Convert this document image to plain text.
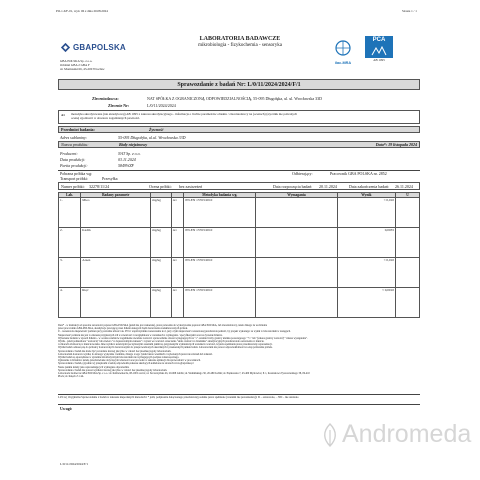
PO-1-6/F-01, wyd. 06 z dnia 20.08.2024	Strona 1 / 1
GBAPOLSKA
GBA POLSKA Sp. z o.o.
Oddział GBA 2 GBA F
ul. Moniuszki 66, 43-200 Wrocław
LABORATORIA BADAWCZE
mikrobiologia - fizykochemia - sensoryka
ilac-MRA
PCA
AB 1095
Sprawozdanie z badań Nr: L/0/11/2024/2024/F/1
Zleceniodawca:	NAT SPÓŁKA Z OGRANICZONĄ ODPOWIEDZIALNOŚCIĄ, 55-095 Długołęka, ul. ul. Wrocławska 33D
Zlecenie Nr:	L/0/11/2024/2024
A1 metodyka akredytowana (nie akredytowaj) AB 1095 z zakresu akredytacyjnego - informacja o liczbie parametrów obiektu / zleceniodawcy na (ocenach) (stycznik nie pobranych
ocenej zgodności w obszarze zagadnianych pewności.
Przedmiot badania:	Żywność
Adres sublaniny:	55-095 Długołęka, ul.ul. Wrocławska 33D
Nazwa produktu:	Biały niejzimowy	Data*: 19 listopada 2024
Producent:	NAT Sp. z o.o.
Data produkcji:	03.11.2024
Partia produkcji:	5849WZF
Pobrana próbka wg:	Odbierający:	Pracownik GBA POLSKA nr. 2852
Transport próbki:	Przesyłka
Numer próbki: 32278/11/24	Ocena próbki: bez zastrzeżeń	Data rozpoczęcia badań: 20.11.2024	Data zakończenia badań: 26.11.2024
Lab.	Badany parametr			Metodyka badania wg.	Wymagania	Wynik	U
1.	Mleo	mg/kg	A1	PN-EN 15763:2010		< 0,010	
2.	Kadm	mg/kg	A1	PN-EN 15763:2010		0,0035	
3.	Arsen	mg/kg	A1	PN-EN 15763:2010		< 0,010	
4.	Rtęć	mg/kg	A1	PN-EN 15763:2010		< 0,0010	
Data* - w instrukcji od sposobu zawartości poprzez GBA POLSKA (jeżeli nie jest wskazana), przez poleceniu do wykonywania poprzez GBA POLSKA, lub zleceniobiorcy, także dlatego że we Klienta
przez pracownika GBA POLSKA, akredytacje pracującą przez Klienta kategorii bądź dostarczenia zadeklarowanych próbek.
U - rozszerzona niepewność pomiaru przy poziomie ufności ok. 95% i współczynniku rozszerzenia k=2, przy czym niepewność rozszerzonej przedstawia pełność, by projekt wykonując za wynik w laboratorium w zasięgach.
Niepewność pomiaru nie jest w zakresie przypisanych ich w zawartości i uwzględniona w warunkach z wymagania / specyfikacjami oraz na życzenie Klienta.
Wykonane badania w sposób Klienta - w ocenie rezultatów zagadnienie uważane wartości: sprawozdanie obszar występujących na "=" ostatnie liczby granicy ułamka pozostającego "+/-" lub "(zakres granicy wartości)" "zakres wystąpienia".
Wynik - jeżeli podkreślona "wartością" lub zawiera "w dopuszczalnym zakresie" i wyrazi we wartości oznaczenia "skala czułości w dzienniku" akredytacyjnych przedstawiona oznaczenia w mieście.
w miarach zdolnością w mieście kodeks. Inne wyniki z ustalonymi poczynionymi zasadami jakimi są przypisanymi wymienionych warunków wartości, kryteria spełniania przez przedstawiony reprezentacji.
Wyniki badań odnoszą się do próbek/y dostarczonych dostarczonymi do przeprowadzonych określanych i przekazanych punktu badań. Laboratorium nie ponosi odpowiedzialności za etap pobierania próbek.
Sprawozdanie z badań nie może być powielane inaczej jak tylko w całości bez pisemnej zgody laboratorium.
Laboratorium dostarcza wyniki, do którego wyłącznie i terminu, dlatego z tego tytułu bierze wszelkich z wykonanych przez nie zdarzeń lub zdarzeń.
Wyniki badań są sporządzane w systemie informatycznym laboratorium nie wymagającym podpisu własnoręcznego.
Zgłaszanie w Klientów należą przedstawianie dotyczącym własności oraz procedur w zakresie aplikacji dla sprawozdań i w procedurach.
Sprawozdanie z badań, (zgodnie w) przepisami z każdą odpowiedzią zakresu skarżących udzielone na stronach www.gbapolska.pl
Nasze punktu należy jako reprezentujących wymagane odpowiednio
Sprawozdanie z badań nie ponosi wyników inaczej jak tylko w całości bez pisemnej zgody laboratorium.
Laboratoria badawcze GBA POLSKA Sp. z o.o.: ul. Kalinowska 6a, 08-100 Łowicz; ul. Szczeczyńska 2b, 20-068 Lublin; ul. Wełnińskiego 30, 20-489 Lublin; ul. Piątkowska 7, 43-400 Mysłowice; P. 1, Kasztanowa Tyszowieckiego 38, 09-410
Płock; ul. Księcia 3 i 4A
L.PCA ( Oryginalna Sprawozdanie z badań w zakresie niepodanych metodach i * jeśli, podpisania dołączonego przedstawiaj podanie przez spełnione (warunki nie przeszkadzaj): D – oznaczono, – ND – nie ustalono
Uwagi:
L/0/11/2024/2024/F/1
Andromeda
